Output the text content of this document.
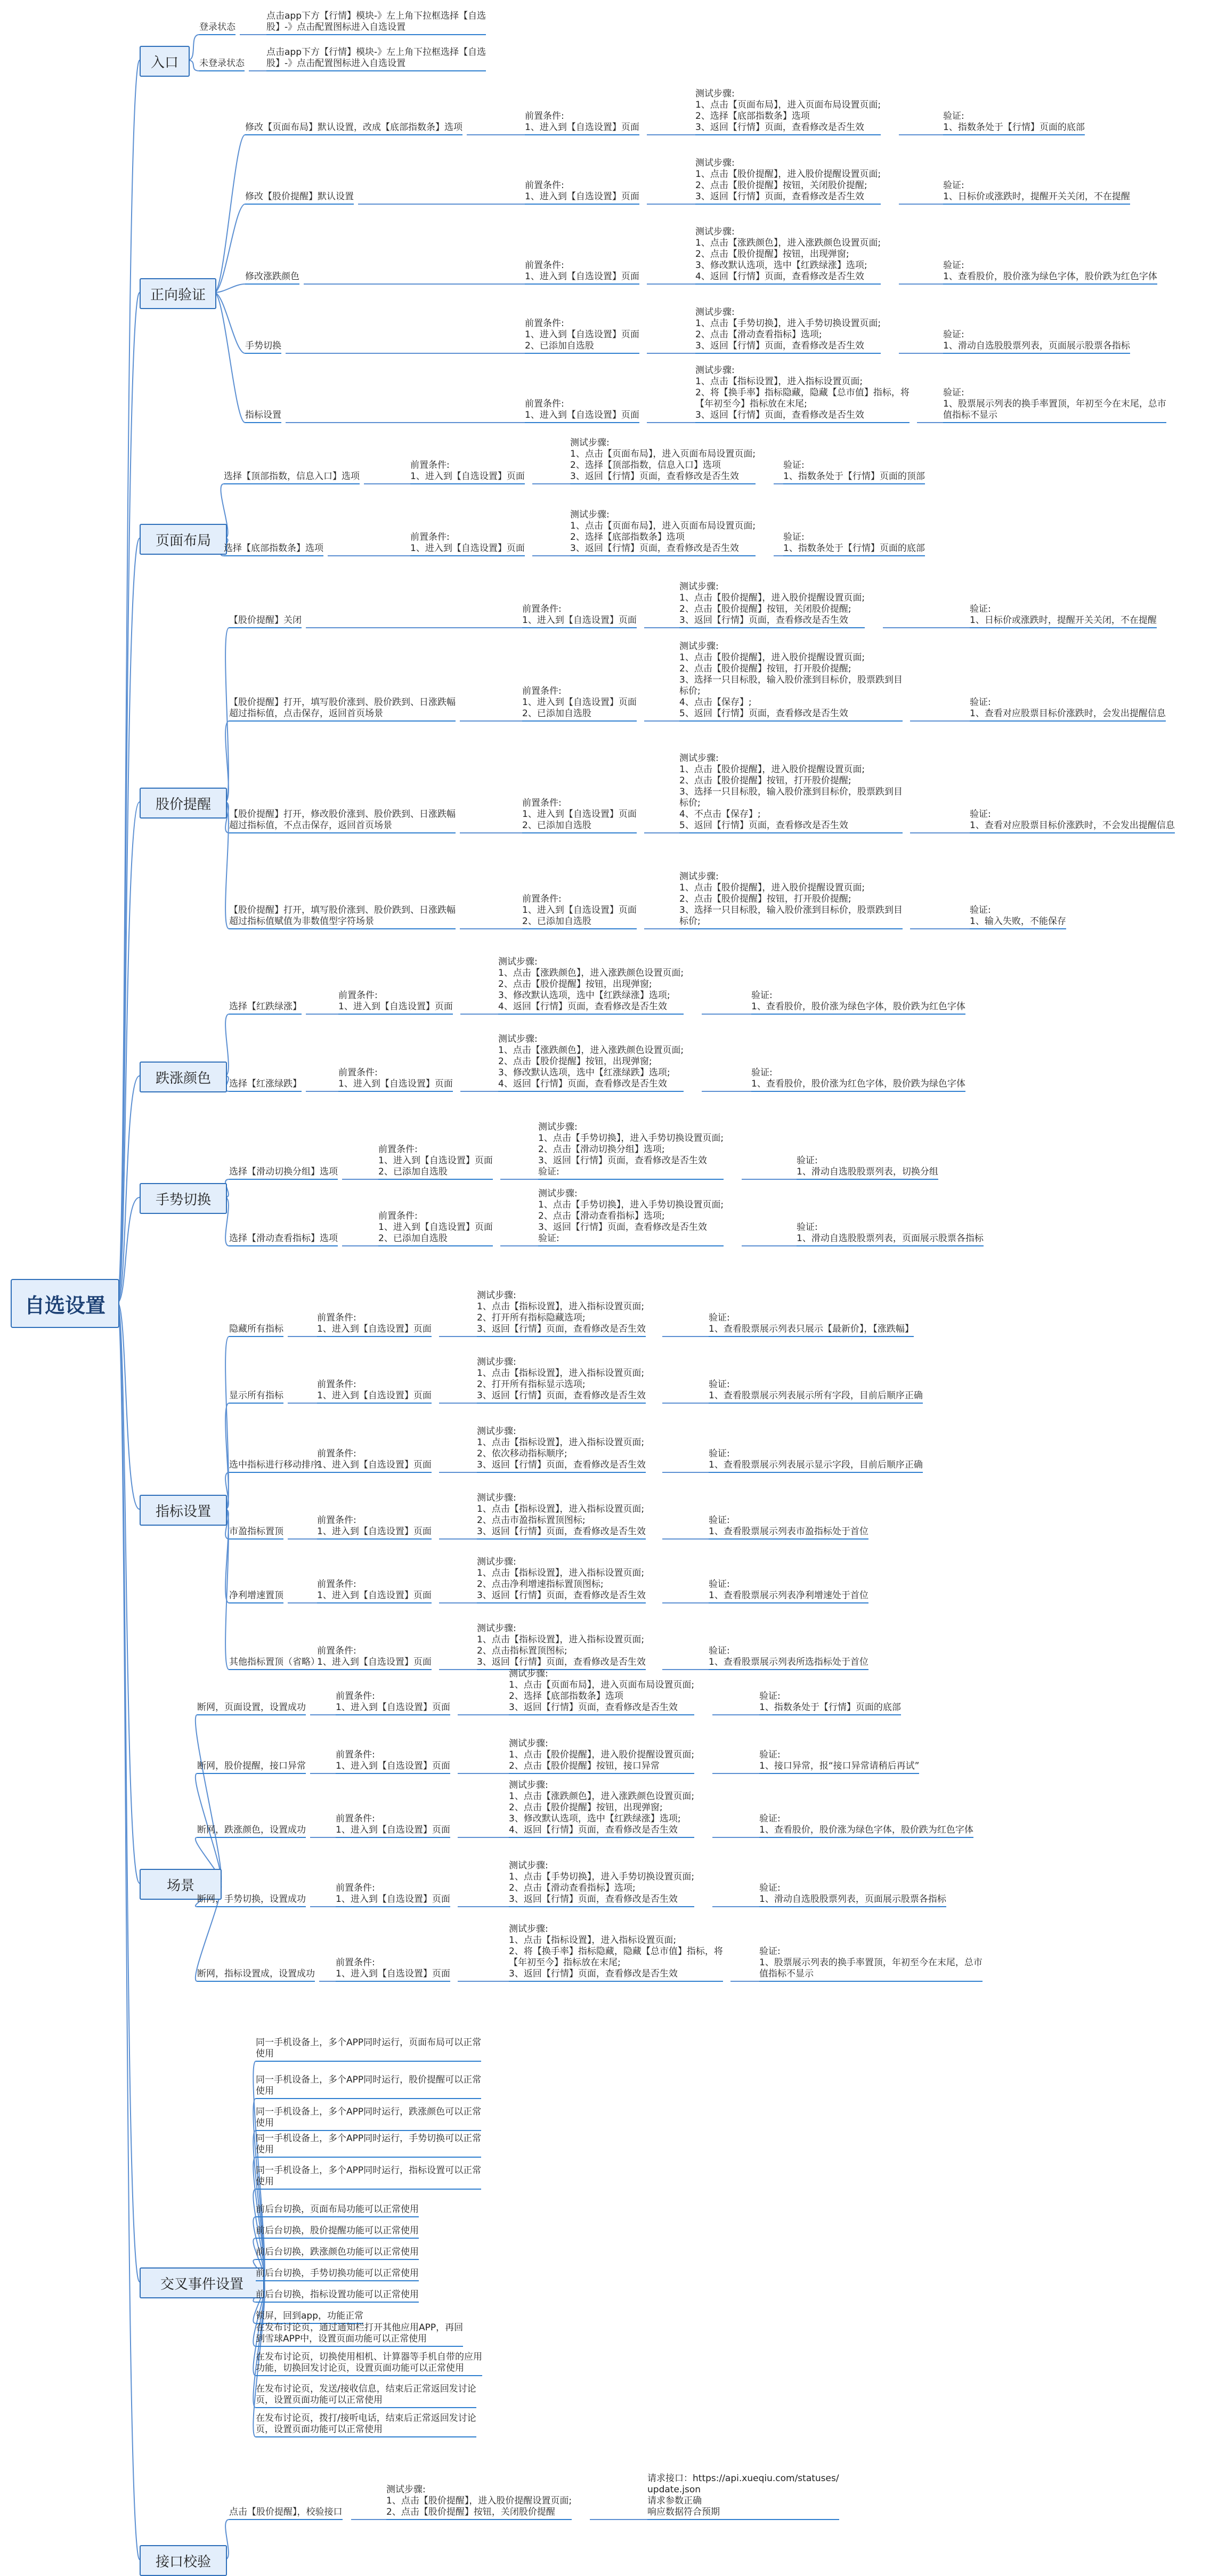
自选设置
入口
登录状态
点击app下方【行情】模块-》左上角下拉框选择【自选
股】-》点击配置图标进入自选设置
未登录状态
点击app下方【行情】模块-》左上角下拉框选择【自选
股】-》点击配置图标进入自选设置
正向验证
修改【页面布局】默认设置，改成【底部指数条】选项
前置条件:
1、进入到【自选设置】页面
测试步骤:
1、点击【页面布局】，进入页面布局设置页面;
2、选择【底部指数条】选项
3、返回【行情】页面，查看修改是否生效
验证:
1、指数条处于【行情】页面的底部
修改【股价提醒】默认设置
前置条件:
1、进入到【自选设置】页面
测试步骤:
1、点击【股价提醒】，进入股价提醒设置页面;
2、点击【股价提醒】按钮，关闭股价提醒;
3、返回【行情】页面，查看修改是否生效
验证:
1、日标价或涨跌时，提醒开关关闭，不在提醒
修改涨跌颜色
前置条件:
1、进入到【自选设置】页面
测试步骤:
1、点击【涨跌颜色】，进入涨跌颜色设置页面;
2、点击【股价提醒】按钮，出现弹窗;
3、修改默认选项，选中【红跌绿涨】选项;
4、返回【行情】页面，查看修改是否生效
验证:
1、查看股价，股价涨为绿色字体，股价跌为红色字体
手势切换
前置条件:
1、进入到【自选设置】页面
2、已添加自选股
测试步骤:
1、点击【手势切换】，进入手势切换设置页面;
2、点击【滑动查看指标】选项;
3、返回【行情】页面，查看修改是否生效
验证:
1、滑动自选股股票列表，页面展示股票各指标
指标设置
前置条件:
1、进入到【自选设置】页面
测试步骤:
1、点击【指标设置】，进入指标设置页面;
2、将【换手率】指标隐藏，隐藏【总市值】指标，将
【年初至今】指标放在末尾;
3、返回【行情】页面，查看修改是否生效
验证:
1、股票展示列表的换手率置顶，年初至今在末尾，总市
值指标不显示
页面布局
选择【顶部指数，信息入口】选项
前置条件:
1、进入到【自选设置】页面
测试步骤:
1、点击【页面布局】，进入页面布局设置页面;
2、选择【顶部指数，信息入口】选项
3、返回【行情】页面，查看修改是否生效
验证:
1、指数条处于【行情】页面的顶部
选择【底部指数条】选项
前置条件:
1、进入到【自选设置】页面
测试步骤:
1、点击【页面布局】，进入页面布局设置页面;
2、选择【底部指数条】选项
3、返回【行情】页面，查看修改是否生效
验证:
1、指数条处于【行情】页面的底部
股价提醒
【股价提醒】关闭
前置条件:
1、进入到【自选设置】页面
测试步骤:
1、点击【股价提醒】，进入股价提醒设置页面;
2、点击【股价提醒】按钮，关闭股价提醒;
3、返回【行情】页面，查看修改是否生效
验证:
1、日标价或涨跌时，提醒开关关闭，不在提醒
【股价提醒】打开，填写股价涨到、股价跌到、日涨跌幅
超过指标值，点击保存，返回首页场景
前置条件:
1、进入到【自选设置】页面
2、已添加自选股
测试步骤:
1、点击【股价提醒】，进入股价提醒设置页面;
2、点击【股价提醒】按钮，打开股价提醒;
3、选择一只目标股，输入股价涨到目标价，股票跌到目
标价;
4、点击【保存】;
5、返回【行情】页面，查看修改是否生效
验证:
1、查看对应股票目标价涨跌时，会发出提醒信息
【股价提醒】打开，修改股价涨到、股价跌到、日涨跌幅
超过指标值，不点击保存，返回首页场景
前置条件:
1、进入到【自选设置】页面
2、已添加自选股
测试步骤:
1、点击【股价提醒】，进入股价提醒设置页面;
2、点击【股价提醒】按钮，打开股价提醒;
3、选择一只目标股，输入股价涨到目标价，股票跌到目
标价;
4、不点击【保存】;
5、返回【行情】页面，查看修改是否生效
验证:
1、查看对应股票目标价涨跌时，不会发出提醒信息
【股价提醒】打开，填写股价涨到、股价跌到、日涨跌幅
超过指标值赋值为非数值型字符场景
前置条件:
1、进入到【自选设置】页面
2、已添加自选股
测试步骤:
1、点击【股价提醒】，进入股价提醒设置页面;
2、点击【股价提醒】按钮，打开股价提醒;
3、选择一只目标股，输入股价涨到目标价，股票跌到目
标价;
验证:
1、输入失败，不能保存
跌涨颜色
选择【红跌绿涨】
前置条件:
1、进入到【自选设置】页面
测试步骤:
1、点击【涨跌颜色】，进入涨跌颜色设置页面;
2、点击【股价提醒】按钮，出现弹窗;
3、修改默认选项，选中【红跌绿涨】选项;
4、返回【行情】页面，查看修改是否生效
验证:
1、查看股价，股价涨为绿色字体，股价跌为红色字体
选择【红涨绿跌】
前置条件:
1、进入到【自选设置】页面
测试步骤:
1、点击【涨跌颜色】，进入涨跌颜色设置页面;
2、点击【股价提醒】按钮，出现弹窗;
3、修改默认选项，选中【红涨绿跌】选项;
4、返回【行情】页面，查看修改是否生效
验证:
1、查看股价，股价涨为红色字体，股价跌为绿色字体
手势切换
选择【滑动切换分组】选项
前置条件:
1、进入到【自选设置】页面
2、已添加自选股
测试步骤:
1、点击【手势切换】，进入手势切换设置页面;
2、点击【滑动切换分组】选项;
3、返回【行情】页面，查看修改是否生效
验证:
验证:
1、滑动自选股股票列表，切换分组
选择【滑动查看指标】选项
前置条件:
1、进入到【自选设置】页面
2、已添加自选股
测试步骤:
1、点击【手势切换】，进入手势切换设置页面;
2、点击【滑动查看指标】选项;
3、返回【行情】页面，查看修改是否生效
验证:
验证:
1、滑动自选股股票列表，页面展示股票各指标
指标设置
隐藏所有指标
前置条件:
1、进入到【自选设置】页面
测试步骤:
1、点击【指标设置】，进入指标设置页面;
2、打开所有指标隐藏选项;
3、返回【行情】页面，查看修改是否生效
验证:
1、查看股票展示列表只展示【最新价】，【涨跌幅】
显示所有指标
前置条件:
1、进入到【自选设置】页面
测试步骤:
1、点击【指标设置】，进入指标设置页面;
2、打开所有指标显示选项;
3、返回【行情】页面，查看修改是否生效
验证:
1、查看股票展示列表展示所有字段，目前后顺序正确
选中指标进行移动排序
前置条件:
1、进入到【自选设置】页面
测试步骤:
1、点击【指标设置】，进入指标设置页面;
2、依次移动指标顺序;
3、返回【行情】页面，查看修改是否生效
验证:
1、查看股票展示列表展示显示字段，目前后顺序正确
市盈指标置顶
前置条件:
1、进入到【自选设置】页面
测试步骤:
1、点击【指标设置】，进入指标设置页面;
2、点击市盈指标置顶图标;
3、返回【行情】页面，查看修改是否生效
验证:
1、查看股票展示列表市盈指标处于首位
净利增速置顶
前置条件:
1、进入到【自选设置】页面
测试步骤:
1、点击【指标设置】，进入指标设置页面;
2、点击净利增速指标置顶图标;
3、返回【行情】页面，查看修改是否生效
验证:
1、查看股票展示列表净利增速处于首位
其他指标置顶（省略）
前置条件:
1、进入到【自选设置】页面
测试步骤:
1、点击【指标设置】，进入指标设置页面;
2、点击指标置顶图标;
3、返回【行情】页面，查看修改是否生效
验证:
1、查看股票展示列表所选指标处于首位
场景
断网，页面设置，设置成功
前置条件:
1、进入到【自选设置】页面
测试步骤:
1、点击【页面布局】，进入页面布局设置页面;
2、选择【底部指数条】选项
3、返回【行情】页面，查看修改是否生效
验证:
1、指数条处于【行情】页面的底部
断网，股价提醒，接口异常
前置条件:
1、进入到【自选设置】页面
测试步骤:
1、点击【股价提醒】，进入股价提醒设置页面;
2、点击【股价提醒】按钮，接口异常
验证:
1、接口异常，报“接口异常请稍后再试”
断网，跌涨颜色，设置成功
前置条件:
1、进入到【自选设置】页面
测试步骤:
1、点击【涨跌颜色】，进入涨跌颜色设置页面;
2、点击【股价提醒】按钮，出现弹窗;
3、修改默认选项，选中【红跌绿涨】选项;
4、返回【行情】页面，查看修改是否生效
验证:
1、查看股价，股价涨为绿色字体，股价跌为红色字体
断网，手势切换，设置成功
前置条件:
1、进入到【自选设置】页面
测试步骤:
1、点击【手势切换】，进入手势切换设置页面;
2、点击【滑动查看指标】选项;
3、返回【行情】页面，查看修改是否生效
验证:
1、滑动自选股股票列表，页面展示股票各指标
断网，指标设置成，设置成功
前置条件:
1、进入到【自选设置】页面
测试步骤:
1、点击【指标设置】，进入指标设置页面;
2、将【换手率】指标隐藏，隐藏【总市值】指标，将
【年初至今】指标放在末尾;
3、返回【行情】页面，查看修改是否生效
验证:
1、股票展示列表的换手率置顶，年初至今在末尾，总市
值指标不显示
交叉事件设置
同一手机设备上，多个APP同时运行，页面布局可以正常
使用
同一手机设备上，多个APP同时运行，股价提醒可以正常
使用
同一手机设备上，多个APP同时运行，跌涨颜色可以正常
使用
同一手机设备上，多个APP同时运行，手势切换可以正常
使用
同一手机设备上，多个APP同时运行，指标设置可以正常
使用
前后台切换，页面布局功能可以正常使用
前后台切换，股价提醒功能可以正常使用
前后台切换，跌涨颜色功能可以正常使用
前后台切换，手势切换功能可以正常使用
前后台切换，指标设置功能可以正常使用
锁屏，回到app，功能正常
在发布讨论页，通过通知栏打开其他应用APP，再回
到雪球APP中，设置页面功能可以正常使用
在发布讨论页，切换使用相机、计算器等手机自带的应用
功能，切换回发讨论页，设置页面功能可以正常使用
在发布讨论页，发送/接收信息，结束后正常返回发讨论
页，设置页面功能可以正常使用
在发布讨论页，拨打/接听电话，结束后正常返回发讨论
页，设置页面功能可以正常使用
接口校验
点击【股价提醒】，校验接口
测试步骤:
1、点击【股价提醒】，进入股价提醒设置页面;
2、点击【股价提醒】按钮，关闭股价提醒
请求接口：https://api.xueqiu.com/statuses/
update.json
请求参数正确
响应数据符合预期
